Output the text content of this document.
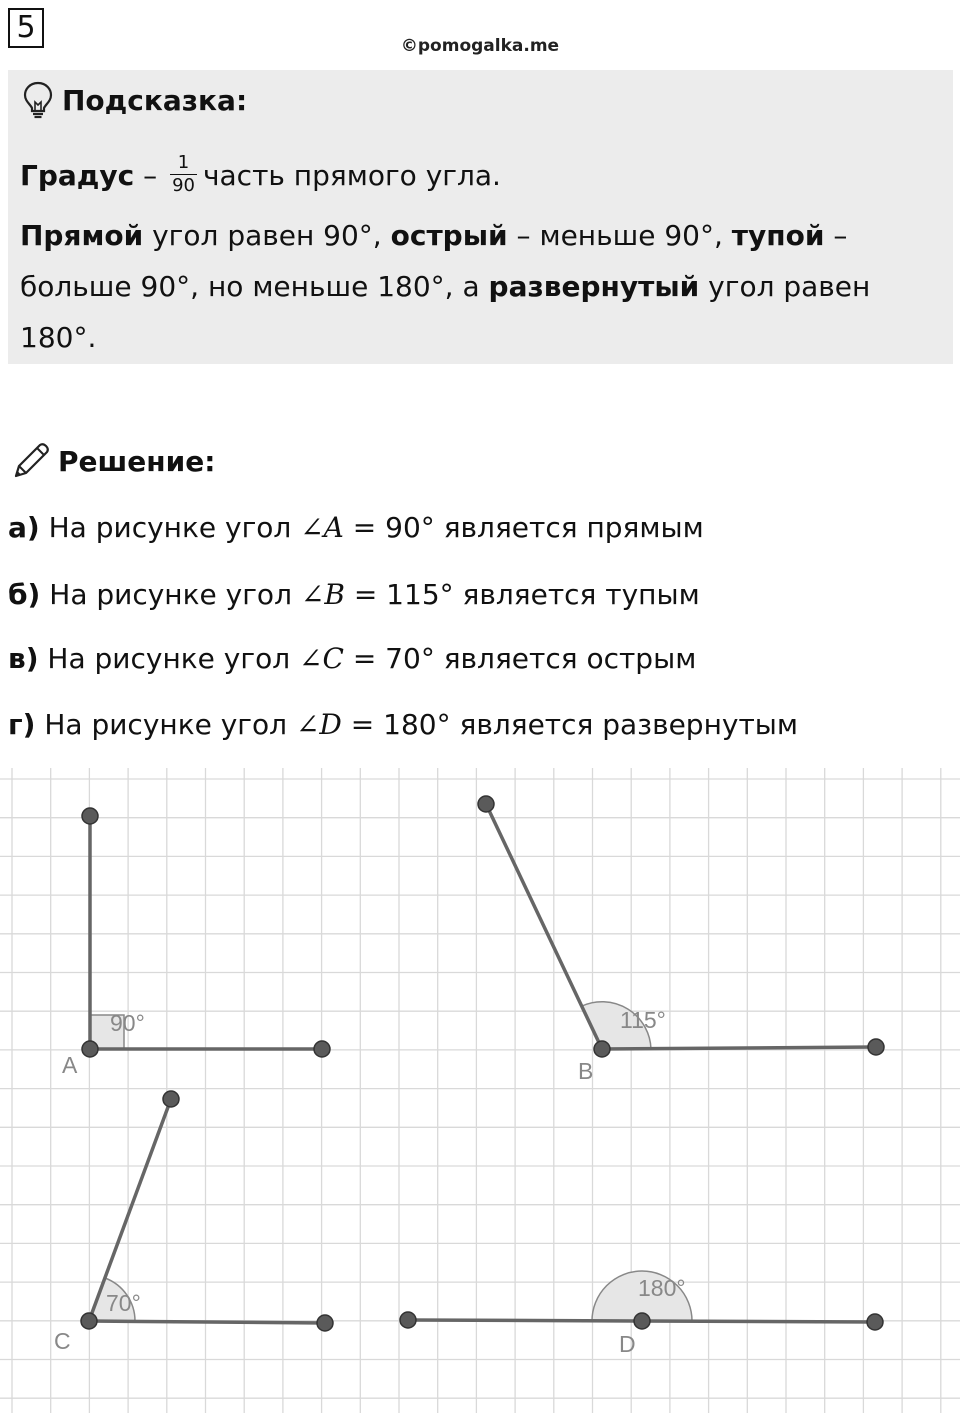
5
©pomogalka.me
Подсказка:
Градус – $\frac{1}{90}$ часть прямого угла.
Прямой угол равен 90°, острый – меньше 90°, тупой –
больше 90°, но меньше 180°, а развернутый угол равен
180°.
Решение:
а) На рисунке угол ∠A = 90° является прямым
б) На рисунке угол ∠B = 115° является тупым
в) На рисунке угол ∠C = 70° является острым
г) На рисунке угол ∠D = 180° является развернутым
90°
A
115°
B
70°
C
180°
D
